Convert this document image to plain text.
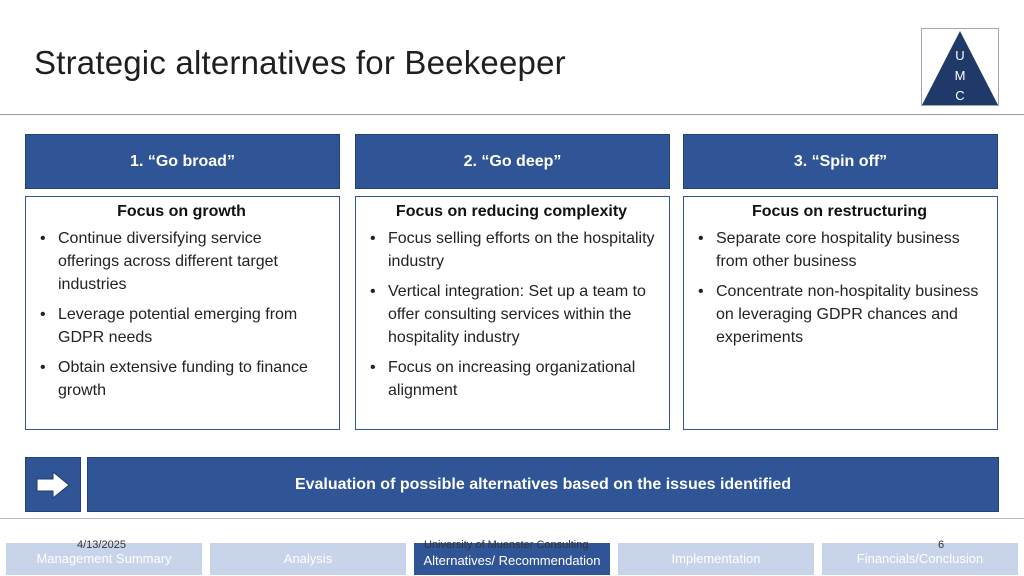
Strategic alternatives for Beekeeper	U
M
C
1. “Go broad”
Focus on growth
• Continue diversifying service offerings across different target industries
• Leverage potential emerging from GDPR needs
• Obtain extensive funding to finance growth
2. “Go deep”
Focus on reducing complexity
• Focus selling efforts on the hospitality industry
• Vertical integration: Set up a team to offer consulting services within the hospitality industry
• Focus on increasing organizational alignment
3. “Spin off”
Focus on restructuring
• Separate core hospitality business from other business
• Concentrate non-hospitality business on leveraging GDPR chances and experiments
Evaluation of possible alternatives based on the issues identified
Management Summary	Analysis	Alternatives/ Recommendation	Implementation	Financials/Conclusion
4/13/2025	University of Muenster Consulting	6
